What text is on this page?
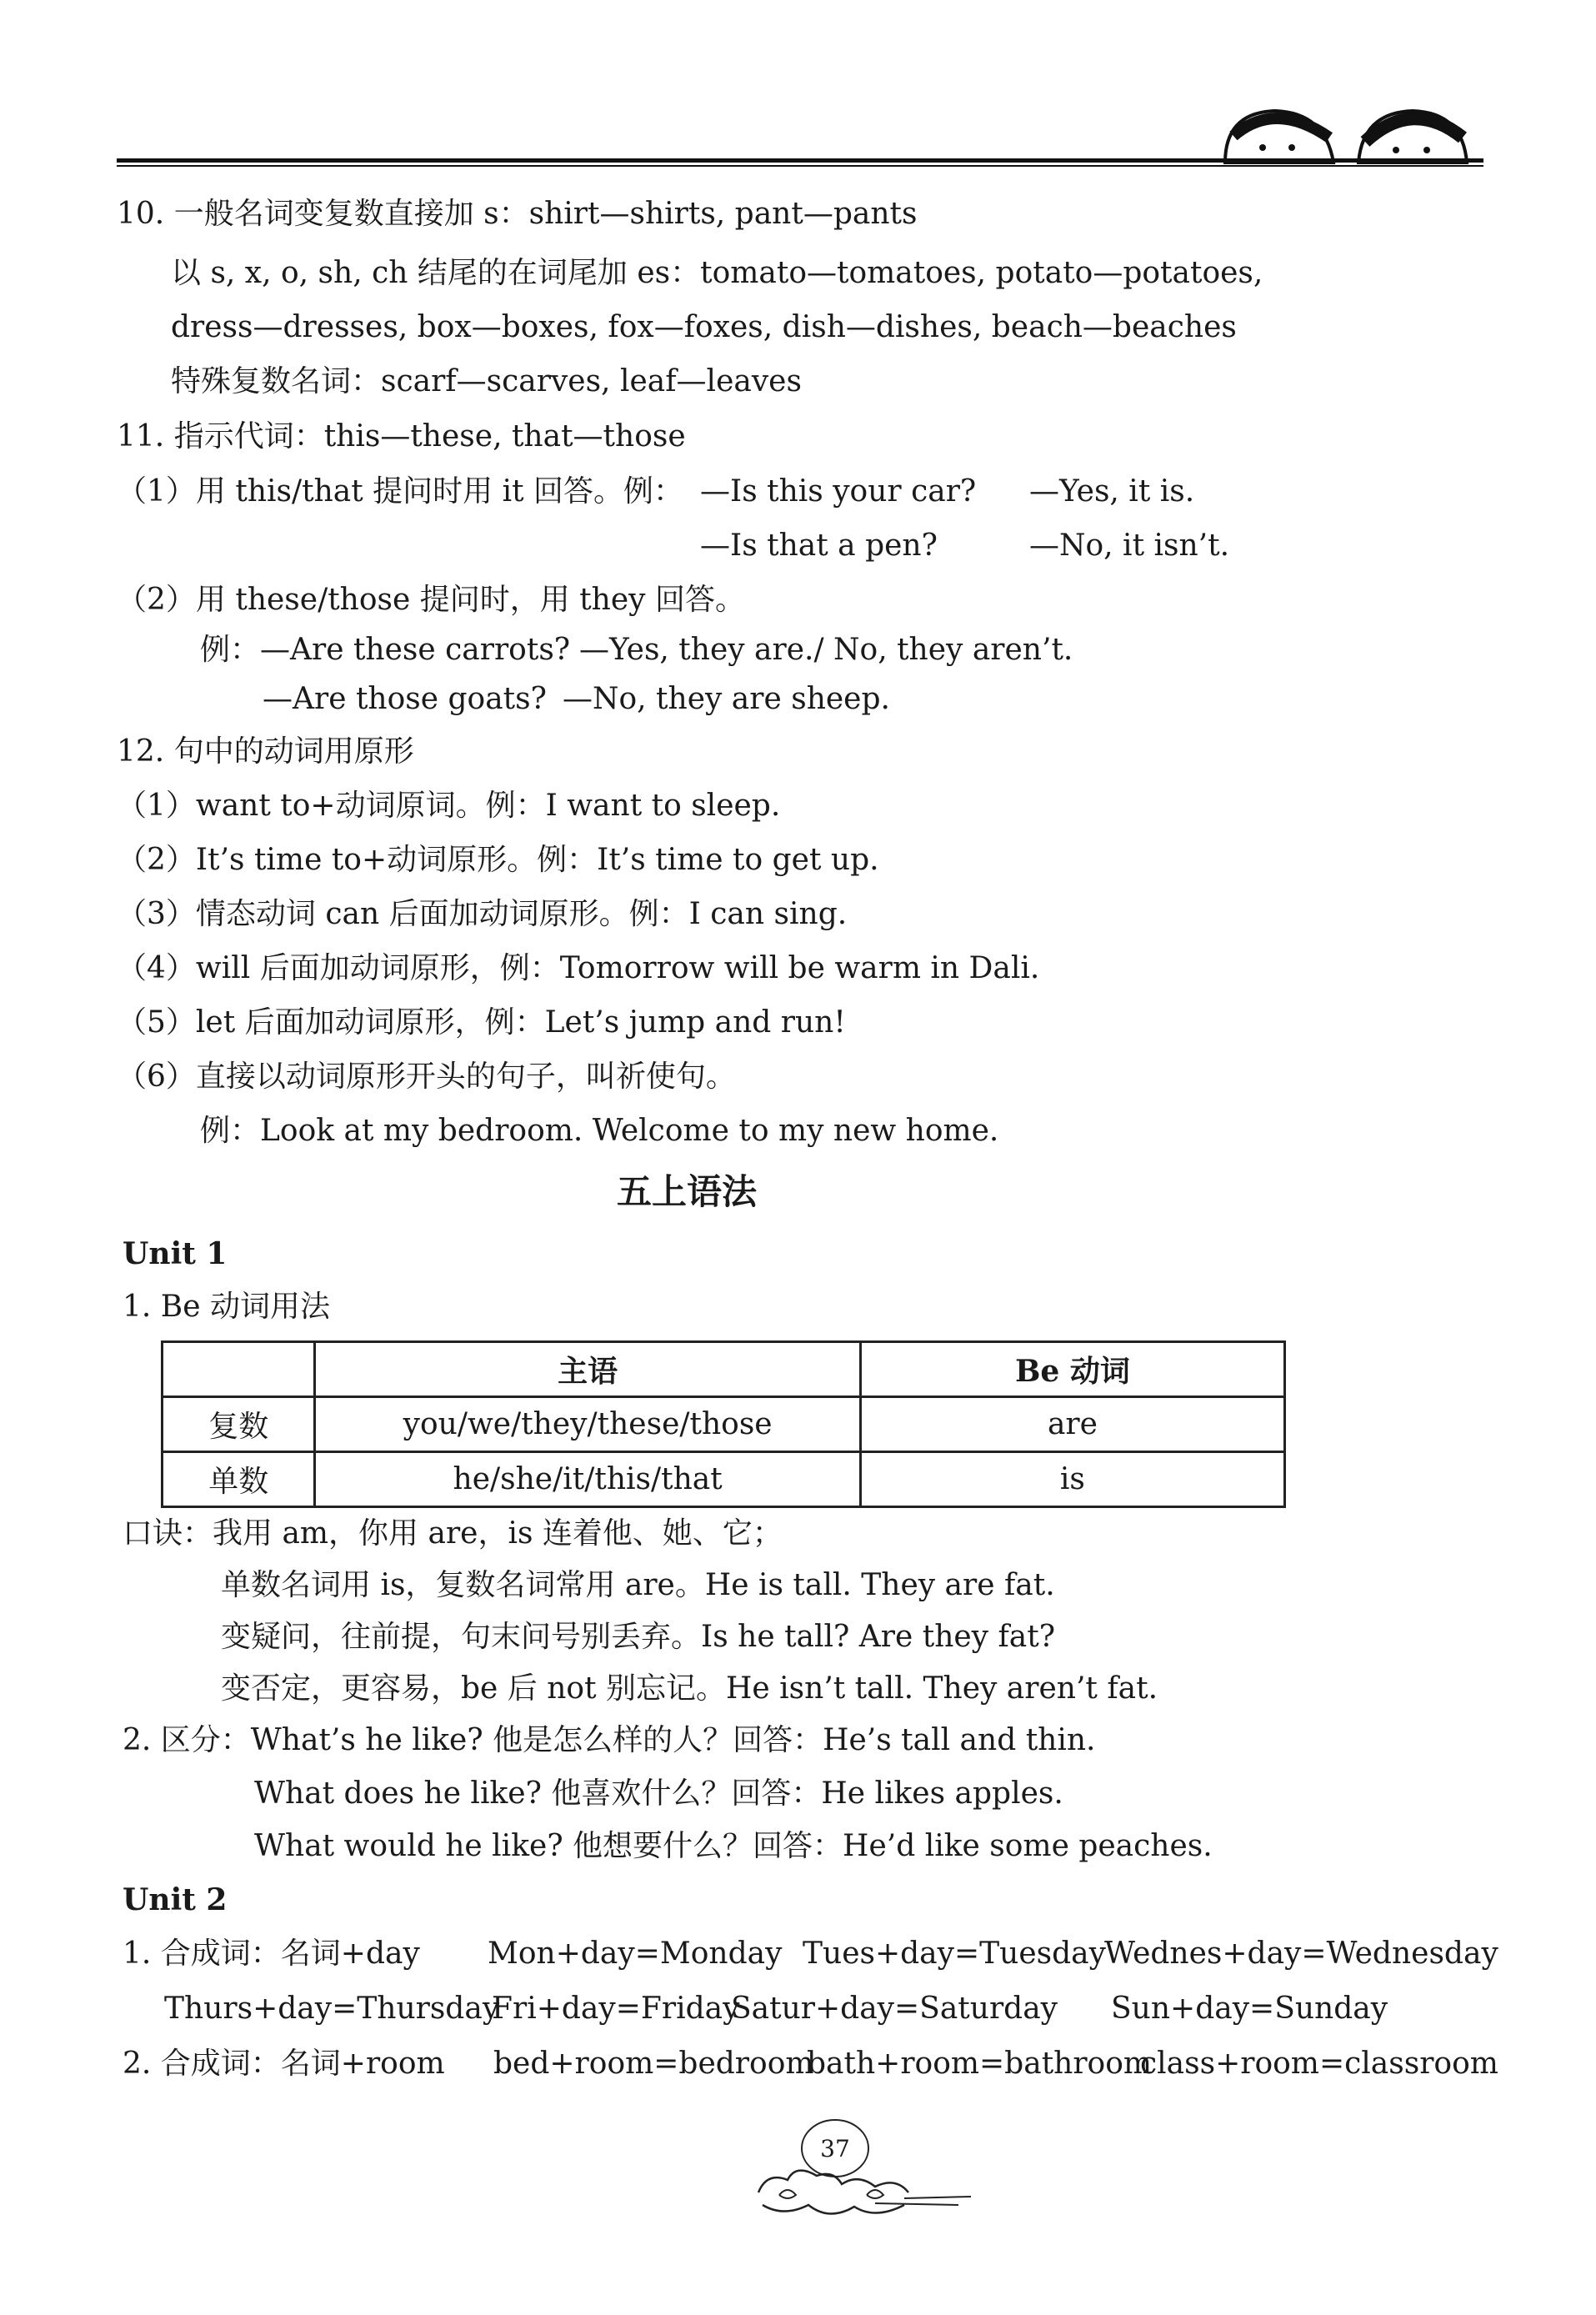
10. 一般名词变复数直接加 s：shirt—shirts, pant—pants
以 s, x, o, sh, ch 结尾的在词尾加 es：tomato—tomatoes, potato—potatoes,
dress—dresses, box—boxes, fox—foxes, dish—dishes, beach—beaches
特殊复数名词：scarf—scarves, leaf—leaves
11. 指示代词：this—these, that—those
（1）用 this/that 提问时用 it 回答。例： —Is this your car? —Yes, it is.
—Is that a pen?	—No, it isn’t.
（2）用 these/those 提问时，用 they 回答。
例：—Are these carrots? —Yes, they are./ No, they aren’t.
—Are those goats? —No, they are sheep.
12. 句中的动词用原形
（1）want to+动词原词。例：I want to sleep.
（2）It’s time to+动词原形。例：It’s time to get up.
（3）情态动词 can 后面加动词原形。例：I can sing.
（4）will 后面加动词原形，例：Tomorrow will be warm in Dali.
（5）let 后面加动词原形，例：Let’s jump and run!
（6）直接以动词原形开头的句子，叫祈使句。
例：Look at my bedroom. Welcome to my new home.
五上语法
Unit 1
1. Be 动词用法
	主语	Be 动词
复数	you/we/they/these/those	are
单数	he/she/it/this/that	is
口诀：我用 am，你用 are，is 连着他、她、它；
单数名词用 is，复数名词常用 are。He is tall. They are fat.
变疑问，往前提，句末问号别丢弃。Is he tall? Are they fat?
变否定，更容易，be 后 not 别忘记。He isn’t tall. They aren’t fat.
2. 区分：What’s he like? 他是怎么样的人？回答：He’s tall and thin.
What does he like? 他喜欢什么？回答：He likes apples.
What would he like? 他想要什么？回答：He’d like some peaches.
Unit 2
1. 合成词：名词+day Mon+day=Monday Tues+day=Tuesday
Wednes+day=Wednesday
Thurs+day=Thursday
Fri+day=Friday
Satur+day=Saturday Sun+day=Sunday
2. 合成词：名词+room bed+room=bedroom
bath+room=bathroom
class+room=classroom
37
